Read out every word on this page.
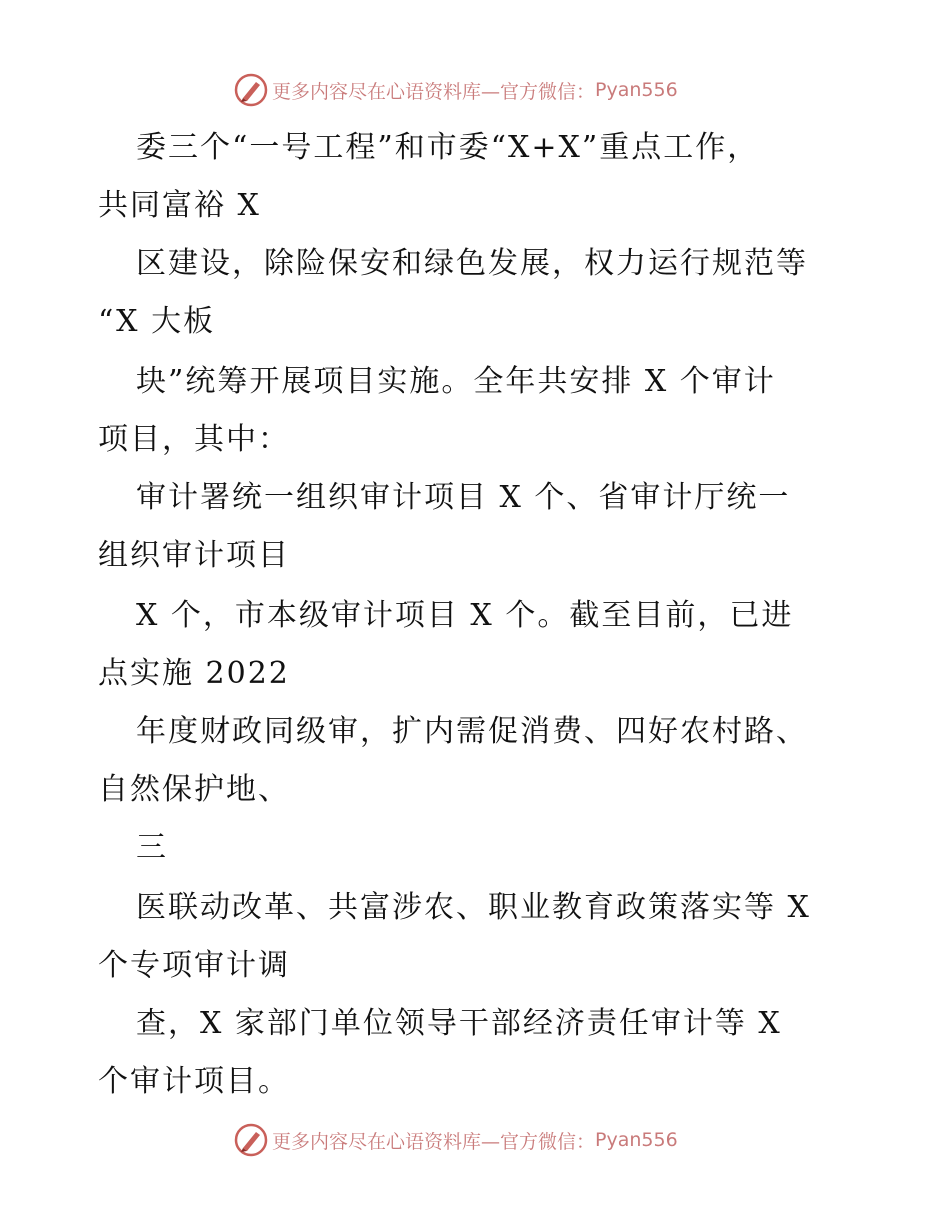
更多内容尽在心语资料库— 官方微信： Pyan556
委三个“一号工程”和市委“X+X”重点工作，
共同富裕 X
区建设，除险保安和绿色发展，权力运行规范等
“X 大板
块”统筹开展项目实施。全年共安排 X 个审计
项目，其中：
审计署统一组织审计项目 X 个、省审计厅统一
组织审计项目
X 个，市本级审计项目 X 个。截至目前，已进
点实施 2022
年度财政同级审，扩内需促消费、四好农村路、
自然保护地、
三
医联动改革、共富涉农、职业教育政策落实等 X
个专项审计调
查，X 家部门单位领导干部经济责任审计等 X
个审计项目。
更多内容尽在心语资料库— 官方微信： Pyan556
